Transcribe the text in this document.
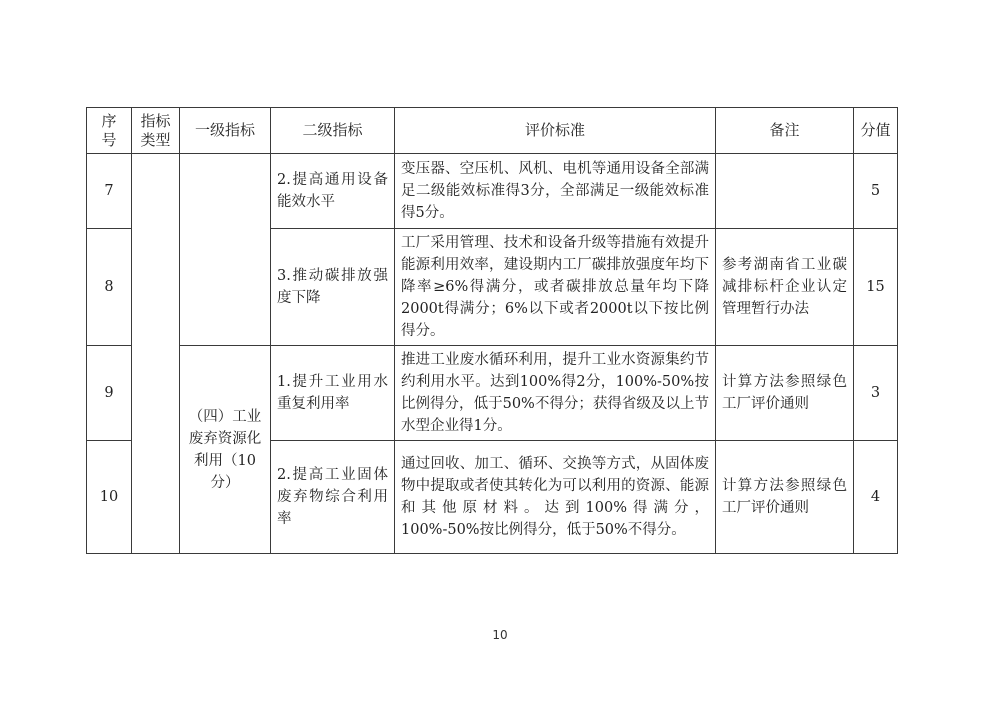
序号	指标类型	一级指标	二级指标	评价标准	备注	分值
7			2.提高通用设备能效水平	变压器、空压机、风机、电机等通用设备全部满足二级能效标准得3分，全部满足一级能效标准得5分。		5
8			3.推动碳排放强度下降	工厂采用管理、技术和设备升级等措施有效提升能源利用效率，建设期内工厂碳排放强度年均下降率≥6%得满分，或者碳排放总量年均下降2000t得满分；6%以下或者2000t以下按比例得分。	参考湖南省工业碳减排标杆企业认定管理暂行办法	15
9		（四）工业废弃资源化利用（10分）	1.提升工业用水重复利用率	推进工业废水循环利用，提升工业水资源集约节约利用水平。达到100%得2分，100%-50%按比例得分，低于50%不得分；获得省级及以上节水型企业得1分。	计算方法参照绿色工厂评价通则	3
10			2.提高工业固体废弃物综合利用率	通过回收、加工、循环、交换等方式，从固体废物中提取或者使其转化为可以利用的资源、能源和其他原材料。达到100%得满分，100%-50%按比例得分，低于50%不得分。	计算方法参照绿色工厂评价通则	4
10
